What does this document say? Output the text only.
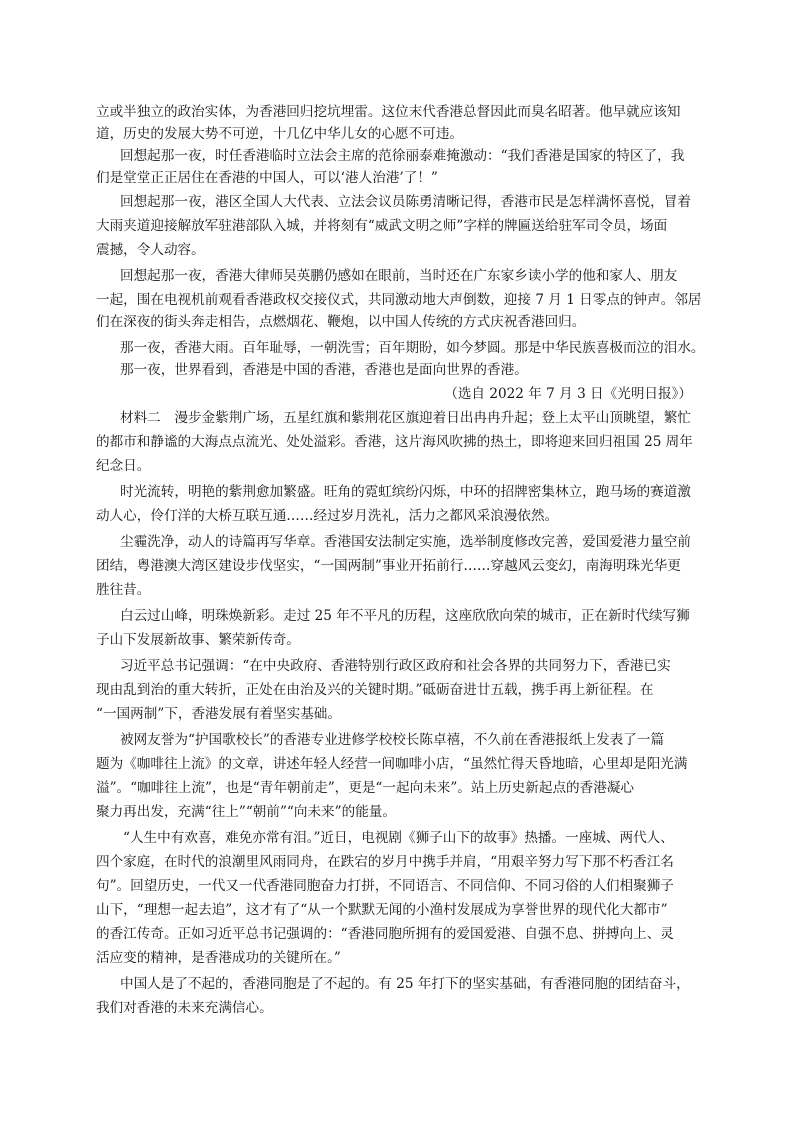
立或半独立的政治实体，为香港回归挖坑埋雷。这位末代香港总督因此而臭名昭著。他早就应该知
道，历史的发展大势不可逆，十几亿中华儿女的心愿不可违。
回想起那一夜，时任香港临时立法会主席的范徐丽泰难掩激动：“我们香港是国家的特区了，我
们是堂堂正正居住在香港的中国人，可以‘港人治港’了！”
回想起那一夜，港区全国人大代表、立法会议员陈勇清晰记得，香港市民是怎样满怀喜悦，冒着
大雨夹道迎接解放军驻港部队入城，并将刻有“威武文明之师”字样的牌匾送给驻军司令员，场面
震撼，令人动容。
回想起那一夜，香港大律师吴英鹏仍感如在眼前，当时还在广东家乡读小学的他和家人、朋友
一起，围在电视机前观看香港政权交接仪式，共同激动地大声倒数，迎接 7 月 1 日零点的钟声。邻居
们在深夜的街头奔走相告，点燃烟花、鞭炮，以中国人传统的方式庆祝香港回归。
那一夜，香港大雨。百年耻辱，一朝洗雪；百年期盼，如今梦圆。那是中华民族喜极而泣的泪水。
那一夜，世界看到，香港是中国的香港，香港也是面向世界的香港。
（选自 2022 年 7 月 3 日《光明日报》）
材料二　漫步金紫荆广场，五星红旗和紫荆花区旗迎着日出冉冉升起；登上太平山顶眺望，繁忙
的都市和静谧的大海点点流光、处处溢彩。香港，这片海风吹拂的热土，即将迎来回归祖国 25 周年
纪念日。
时光流转，明艳的紫荆愈加繁盛。旺角的霓虹缤纷闪烁，中环的招牌密集林立，跑马场的赛道激
动人心，伶仃洋的大桥互联互通……经过岁月洗礼，活力之都风采浪漫依然。
尘霾洗净，动人的诗篇再写华章。香港国安法制定实施，选举制度修改完善，爱国爱港力量空前
团结，粤港澳大湾区建设步伐坚实，“一国两制”事业开拓前行……穿越风云变幻，南海明珠光华更
胜往昔。
白云过山峰，明珠焕新彩。走过 25 年不平凡的历程，这座欣欣向荣的城市，正在新时代续写狮
子山下发展新故事、繁荣新传奇。
习近平总书记强调：“在中央政府、香港特别行政区政府和社会各界的共同努力下，香港已实
现由乱到治的重大转折，正处在由治及兴的关键时期。”砥砺奋进廿五载，携手再上新征程。在
“一国两制”下，香港发展有着坚实基础。
被网友誉为“护国歌校长”的香港专业进修学校校长陈卓禧，不久前在香港报纸上发表了一篇
题为《咖啡往上流》的文章，讲述年轻人经营一间咖啡小店，“虽然忙得天昏地暗，心里却是阳光满
溢”。“咖啡往上流”，也是“青年朝前走”，更是“一起向未来”。站上历史新起点的香港凝心
聚力再出发，充满“往上”“朝前”“向未来”的能量。
“人生中有欢喜，难免亦常有泪。”近日，电视剧《狮子山下的故事》热播。一座城、两代人、
四个家庭，在时代的浪潮里风雨同舟，在跌宕的岁月中携手并肩，“用艰辛努力写下那不朽香江名
句”。回望历史，一代又一代香港同胞奋力打拼，不同语言、不同信仰、不同习俗的人们相聚狮子
山下，“理想一起去追”，这才有了“从一个默默无闻的小渔村发展成为享誉世界的现代化大都市”
的香江传奇。正如习近平总书记强调的：“香港同胞所拥有的爱国爱港、自强不息、拼搏向上、灵
活应变的精神，是香港成功的关键所在。”
中国人是了不起的，香港同胞是了不起的。有 25 年打下的坚实基础，有香港同胞的团结奋斗，
我们对香港的未来充满信心。
